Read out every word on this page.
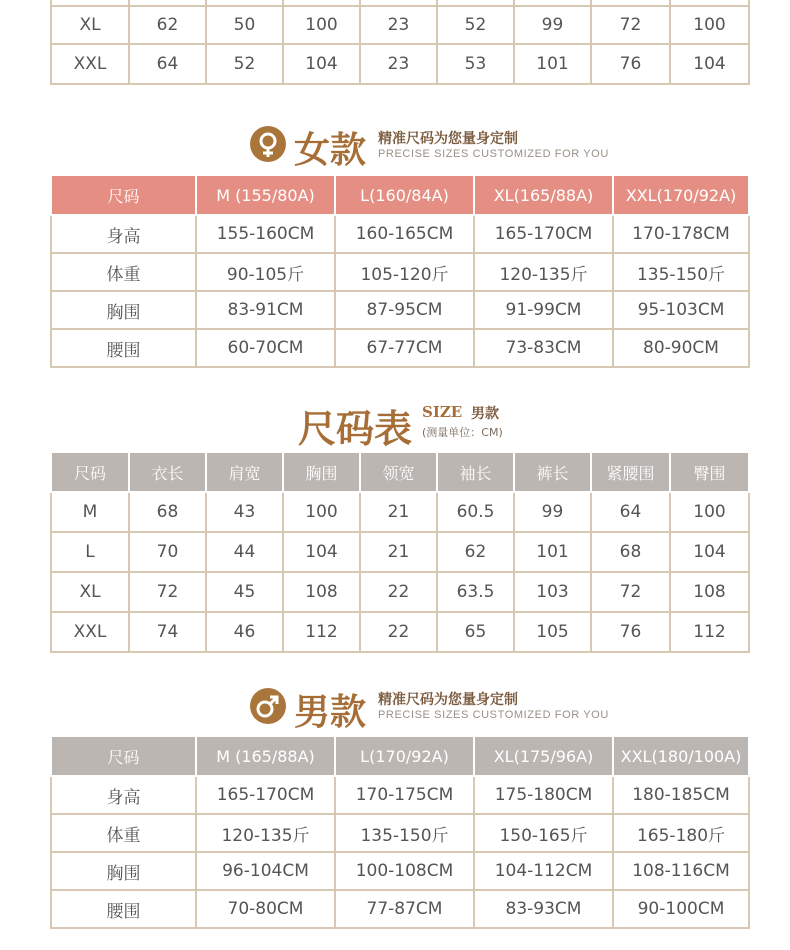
XL	62	50	100	23	52	99	72	100
XXL	64	52	104	23	53	101	76	104
女款 精准尺码为您量身定制
PRECISE SIZES CUSTOMIZED FOR YOU
尺码	M (155/80A)	L(160/84A)	XL(165/88A)	XXL(170/92A)
身高	155-160CM	160-165CM	165-170CM	170-178CM
体重	90-105斤	105-120斤	120-135斤	135-150斤
胸围	83-91CM	87-95CM	91-99CM	95-103CM
腰围	60-70CM	67-77CM	73-83CM	80-90CM
尺码表 SIZE 男款
(测量单位：CM)
尺码	衣长	肩宽	胸围	领宽	袖长	裤长	紧腰围	臀围
M	68	43	100	21	60.5	99	64	100
L	70	44	104	21	62	101	68	104
XL	72	45	108	22	63.5	103	72	108
XXL	74	46	112	22	65	105	76	112
男款 精准尺码为您量身定制
PRECISE SIZES CUSTOMIZED FOR YOU
尺码	M (165/88A)	L(170/92A)	XL(175/96A)	XXL(180/100A)
身高	165-170CM	170-175CM	175-180CM	180-185CM
体重	120-135斤	135-150斤	150-165斤	165-180斤
胸围	96-104CM	100-108CM	104-112CM	108-116CM
腰围	70-80CM	77-87CM	83-93CM	90-100CM
